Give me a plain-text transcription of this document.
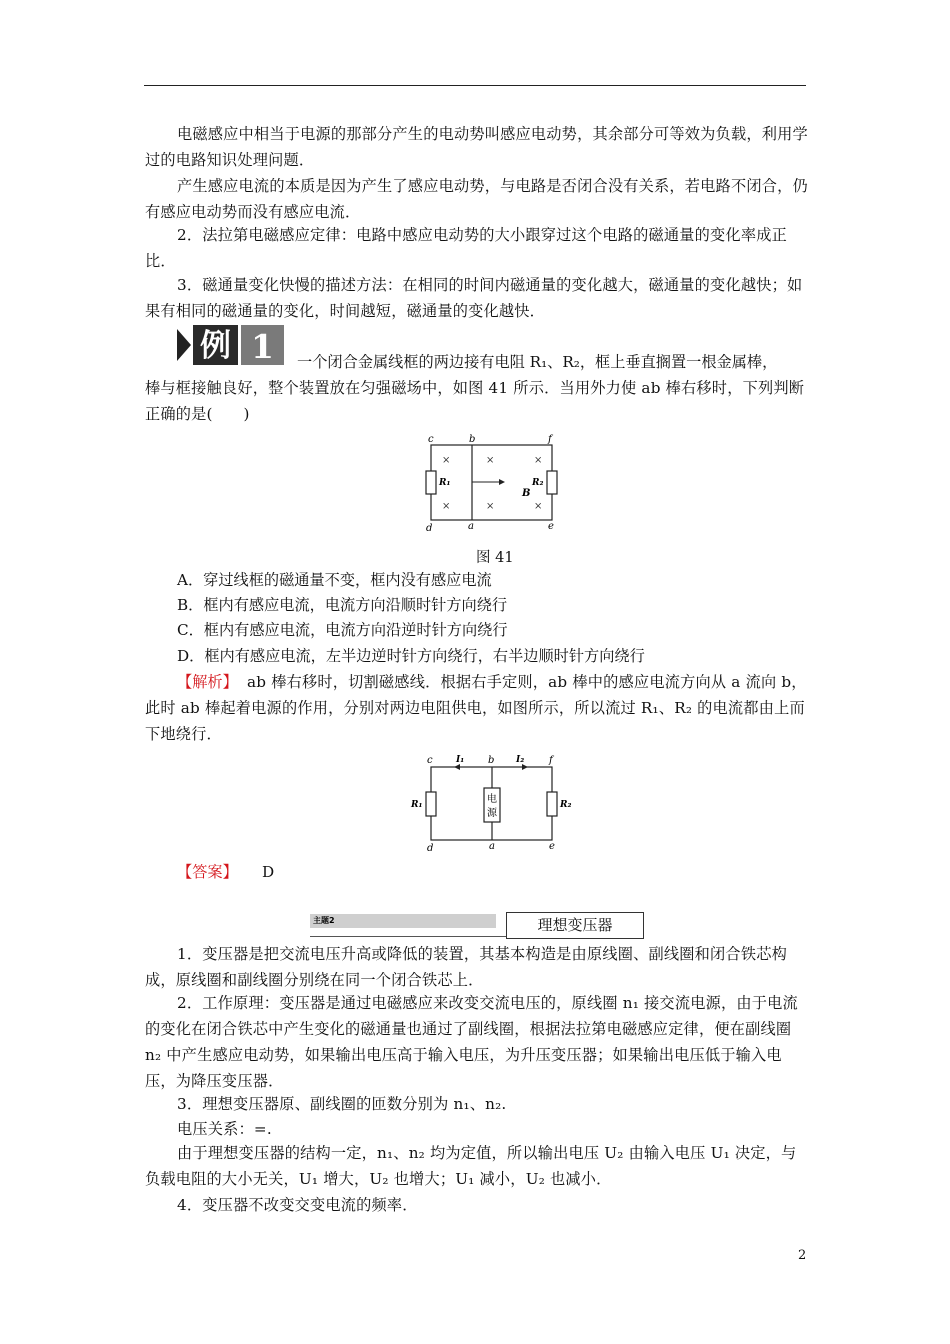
电磁感应中相当于电源的那部分产生的电动势叫感应电动势，其余部分可等效为负载，利用学过的电路知识处理问题．

产生感应电流的本质是因为产生了感应电动势，与电路是否闭合没有关系，若电路不闭合，仍有感应电动势而没有感应电流．

2．法拉第电磁感应定律：电路中感应电动势的大小跟穿过这个电路的磁通量的变化率成正比．

3．磁通量变化快慢的描述方法：在相同的时间内磁通量的变化越大，磁通量的变化越快；如果有相同的磁通量的变化，时间越短，磁通量的变化越快．

例 1 一个闭合金属线框的两边接有电阻 R₁、R₂，框上垂直搁置一根金属棒，

棒与框接触良好，整个装置放在匀强磁场中，如图 41 所示．当用外力使 ab 棒右移时，下列判断正确的是(　　)

c	b	f
d	a	e
R₁	R₂
B
×	×	×
×	×	×
图 41

A．穿过线框的磁通量不变，框内没有感应电流

B．框内有感应电流，电流方向沿顺时针方向绕行

C．框内有感应电流，电流方向沿逆时针方向绕行

D．框内有感应电流，左半边逆时针方向绕行，右半边顺时针方向绕行

【解析】 ab 棒右移时，切割磁感线．根据右手定则，ab 棒中的感应电流方向从 a 流向 b，此时 ab 棒起着电源的作用，分别对两边电阻供电，如图所示，所以流过 R₁、R₂ 的电流都由上而下地绕行．

电
源
c	I₁ b I₂ f
R₁	R₂
d	a	e
【答案】 D
主题2	理想变压器

1．变压器是把交流电压升高或降低的装置，其基本构造是由原线圈、副线圈和闭合铁芯构成，原线圈和副线圈分别绕在同一个闭合铁芯上．

2．工作原理：变压器是通过电磁感应来改变交流电压的，原线圈 n₁ 接交流电源，由于电流的变化在闭合铁芯中产生变化的磁通量也通过了副线圈，根据法拉第电磁感应定律，便在副线圈 n₂ 中产生感应电动势，如果输出电压高于输入电压，为升压变压器；如果输出电压低于输入电压，为降压变压器．

3．理想变压器原、副线圈的匝数分别为 n₁、n₂.

电压关系：=.

由于理想变压器的结构一定，n₁、n₂ 均为定值，所以输出电压 U₂ 由输入电压 U₁ 决定，与负载电阻的大小无关，U₁ 增大，U₂ 也增大；U₁ 减小，U₂ 也减小．

4．变压器不改变交变电流的频率．

2
